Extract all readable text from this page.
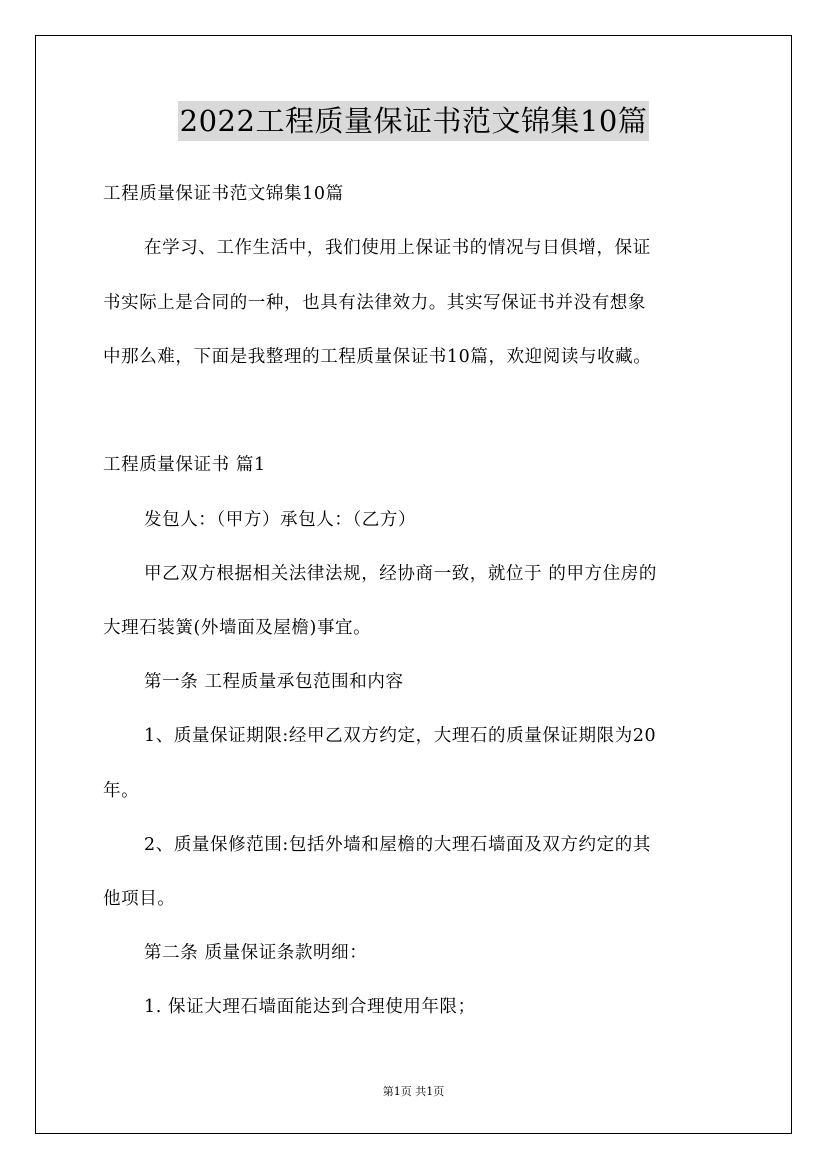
2022工程质量保证书范文锦集10篇
工程质量保证书范文锦集10篇
在学习、工作生活中，我们使用上保证书的情况与日俱增，保证
书实际上是合同的一种，也具有法律效力。其实写保证书并没有想象
中那么难，下面是我整理的工程质量保证书10篇，欢迎阅读与收藏。
工程质量保证书 篇1
发包人：（甲方）承包人：（乙方）
甲乙双方根据相关法律法规，经协商一致，就位于 的甲方住房的
大理石装簧(外墙面及屋檐)事宜。
第一条 工程质量承包范围和内容
1、质量保证期限:经甲乙双方约定，大理石的质量保证期限为20
年。
2、质量保修范围:包括外墙和屋檐的大理石墙面及双方约定的其
他项目。
第二条 质量保证条款明细：
1. 保证大理石墙面能达到合理使用年限；
第1页 共1页
